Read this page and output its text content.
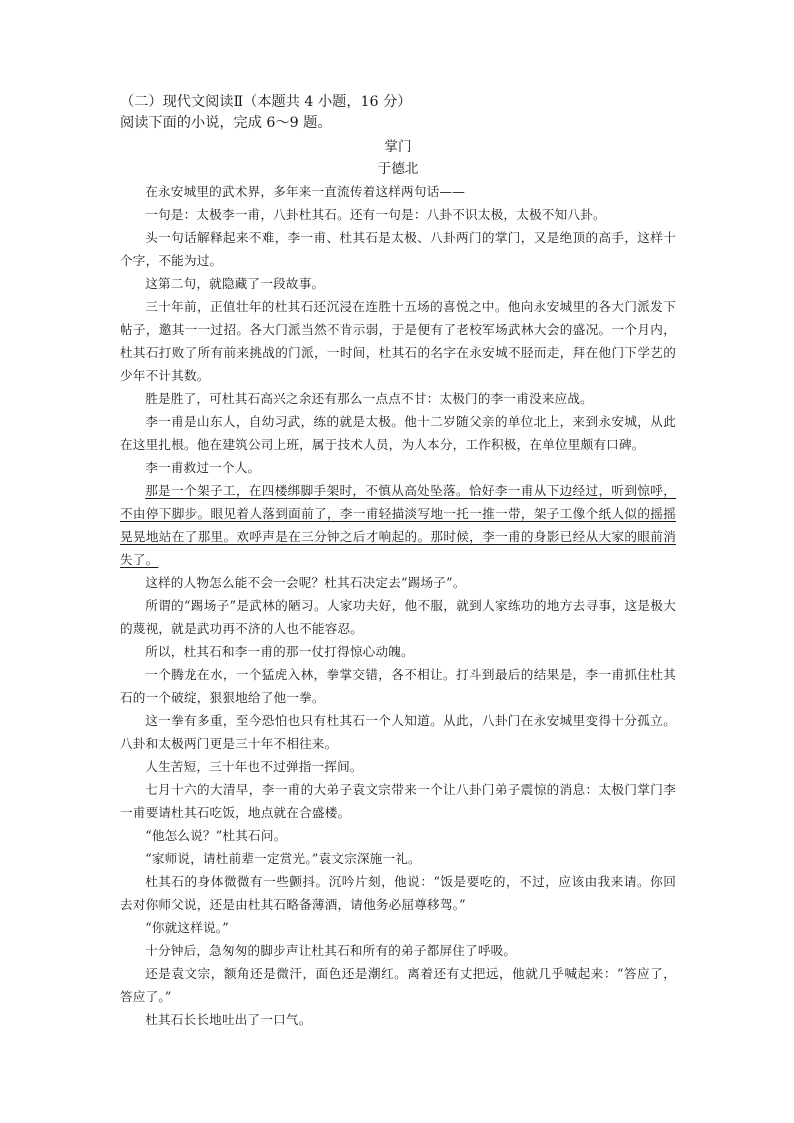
（二）现代文阅读Ⅱ（本题共 4 小题，16 分）

阅读下面的小说，完成 6～9 题。

掌门

于德北

在永安城里的武术界，多年来一直流传着这样两句话——

一句是：太极李一甫，八卦杜其石。还有一句是：八卦不识太极，太极不知八卦。

头一句话解释起来不难，李一甫、杜其石是太极、八卦两门的掌门，又是绝顶的高手，这样十个字，不能为过。

这第二句，就隐藏了一段故事。

三十年前，正值壮年的杜其石还沉浸在连胜十五场的喜悦之中。他向永安城里的各大门派发下帖子，邀其一一过招。各大门派当然不肯示弱，于是便有了老校军场武林大会的盛况。一个月内，杜其石打败了所有前来挑战的门派，一时间，杜其石的名字在永安城不胫而走，拜在他门下学艺的少年不计其数。

胜是胜了，可杜其石高兴之余还有那么一点点不甘：太极门的李一甫没来应战。

李一甫是山东人，自幼习武，练的就是太极。他十二岁随父亲的单位北上，来到永安城，从此在这里扎根。他在建筑公司上班，属于技术人员，为人本分，工作积极，在单位里颇有口碑。

李一甫救过一个人。

那是一个架子工，在四楼绑脚手架时，不慎从高处坠落。恰好李一甫从下边经过，听到惊呼，不由停下脚步。眼见着人落到面前了，李一甫轻描淡写地一托一推一带，架子工像个纸人似的摇摇晃晃地站在了那里。欢呼声是在三分钟之后才响起的。那时候，李一甫的身影已经从大家的眼前消失了。

这样的人物怎么能不会一会呢？杜其石决定去“踢场子”。

所谓的“踢场子”是武林的陋习。人家功夫好，他不服，就到人家练功的地方去寻事，这是极大的蔑视，就是武功再不济的人也不能容忍。

所以，杜其石和李一甫的那一仗打得惊心动魄。

一个腾龙在水，一个猛虎入林，拳掌交错，各不相让。打斗到最后的结果是，李一甫抓住杜其石的一个破绽，狠狠地给了他一拳。

这一拳有多重，至今恐怕也只有杜其石一个人知道。从此，八卦门在永安城里变得十分孤立。八卦和太极两门更是三十年不相往来。

人生苦短，三十年也不过弹指一挥间。

七月十六的大清早，李一甫的大弟子袁文宗带来一个让八卦门弟子震惊的消息：太极门掌门李一甫要请杜其石吃饭，地点就在合盛楼。

“他怎么说？”杜其石问。

“家师说，请杜前辈一定赏光。”袁文宗深施一礼。

杜其石的身体微微有一些颤抖。沉吟片刻，他说：“饭是要吃的，不过，应该由我来请。你回去对你师父说，还是由杜其石略备薄酒，请他务必屈尊移驾。”

“你就这样说。”

十分钟后，急匆匆的脚步声让杜其石和所有的弟子都屏住了呼吸。

还是袁文宗，额角还是微汗，面色还是潮红。离着还有丈把远，他就几乎喊起来：“答应了，答应了。”

杜其石长长地吐出了一口气。
